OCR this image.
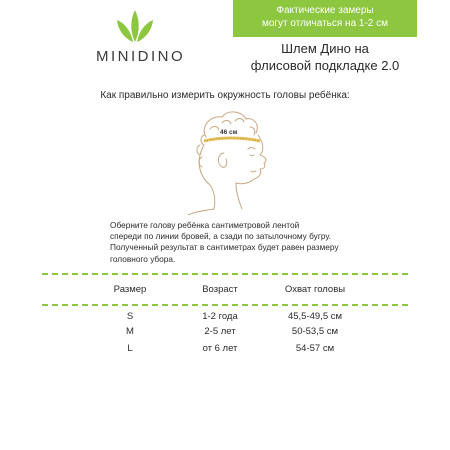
MINIDINO
Фактические замеры
могут отличаться на 1-2 см
Шлем Дино на
флисовой подкладке 2.0
Как правильно измерить окружность головы ребёнка:
46 см
Оберните голову ребёнка сантиметровой лентой
спереди по линии бровей, а сзади по затылочному бугру.
Полученный результат в сантиметрах будет равен размеру
головного убора.
Размер	Возраст	Охват головы
S	1-2 года	45,5-49,5 см
M	2-5 лет	50-53,5 см
L	от 6 лет	54-57 см
